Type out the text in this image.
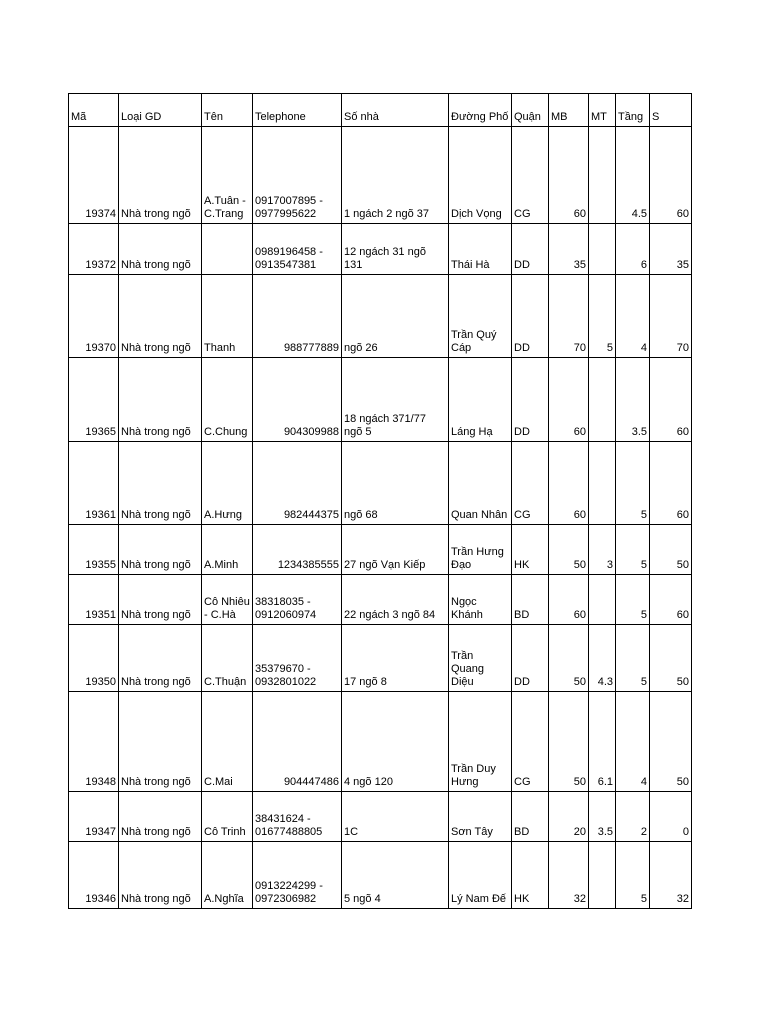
Mã	Loại GD	Tên	Telephone	Số nhà	Đường Phố	Quận	MB	MT	Tầng	S
19374	Nhà trong ngõ	A.Tuân - C.Trang	0917007895 - 0977995622	1 ngách 2 ngõ 37	Dịch Vọng	CG	60		4.5	60
19372	Nhà trong ngõ		0989196458 - 0913547381	12 ngách 31 ngõ 131	Thái Hà	DD	35		6	35
19370	Nhà trong ngõ	Thanh	988777889	ngõ 26	Trần Quý Cáp	DD	70	5	4	70
19365	Nhà trong ngõ	C.Chung	904309988	18 ngách 371/77 ngõ 5	Láng Hạ	DD	60		3.5	60
19361	Nhà trong ngõ	A.Hưng	982444375	ngõ 68	Quan Nhân	CG	60		5	60
19355	Nhà trong ngõ	A.Minh	1234385555	27 ngõ Vạn Kiếp	Trần Hưng Đạo	HK	50	3	5	50
19351	Nhà trong ngõ	Cô Nhiêu - C.Hà	38318035 - 0912060974	22 ngách 3 ngõ 84	Ngọc Khánh	BD	60		5	60
19350	Nhà trong ngõ	C.Thuận	35379670 - 0932801022	17 ngõ 8	Trần Quang Diệu	DD	50	4.3	5	50
19348	Nhà trong ngõ	C.Mai	904447486	4 ngõ 120	Trần Duy Hưng	CG	50	6.1	4	50
19347	Nhà trong ngõ	Cô Trinh	38431624 - 01677488805	1C	Sơn Tây	BD	20	3.5	2	0
19346	Nhà trong ngõ	A.Nghĩa	0913224299 - 0972306982	5 ngõ 4	Lý Nam Đế	HK	32		5	32
